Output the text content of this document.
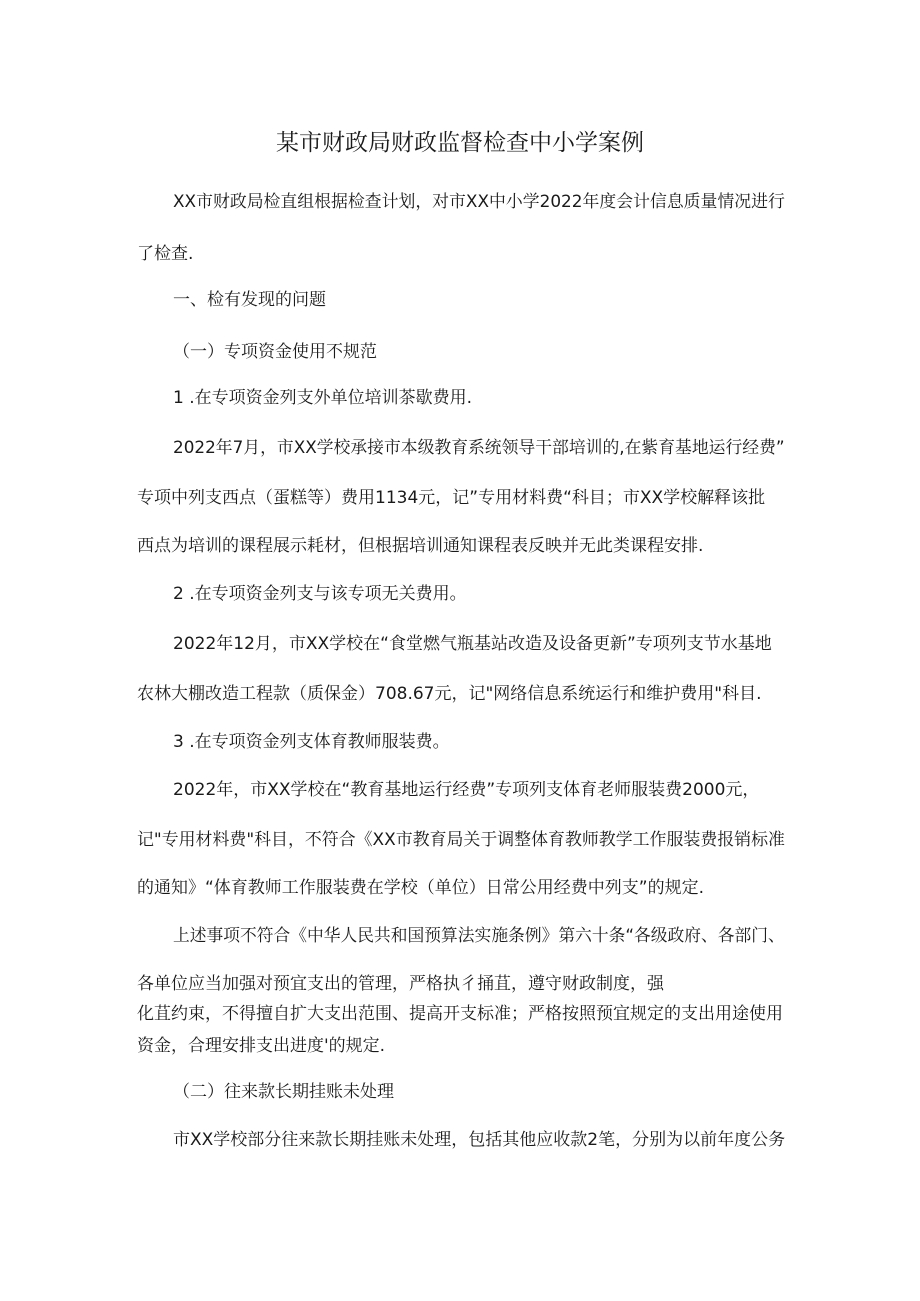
某市财政局财政监督检查中小学案例
XX市财政局检直组根据检查计划，对市XX中小学2022年度会计信息质量情况进行
了检查.
一、检有发现的问题
（一）专项资金使用不规范
1 .在专项资金列支外单位培训茶歇费用.
2022年7月，市XX学校承接市本级教育系统领导干部培训的,在紫育基地运行经费”
专项中列支西点（蛋糕等）费用1134元，记”专用材料费“科目；市XX学校解释该批
西点为培训的课程展示耗材，但根据培训通知课程表反映并无此类课程安排.
2 .在专项资金列支与该专项无关费用。
2022年12月，市XX学校在“食堂燃气瓶基站改造及设备更新”专项列支节水基地
农林大棚改造工程款（质保金）708.67元，记"网络信息系统运行和维护费用"科目.
3 .在专项资金列支体育教师服装费。
2022年，市XX学校在“教育基地运行经费”专项列支体育老师服装费2000元，
记"专用材料费"科目，不符合《XX市教育局关于调整体育教师教学工作服装费报销标准
的通知》“体育教师工作服装费在学校（单位）日常公用经费中列支”的规定.
上述事项不符合《中华人民共和国预算法实施条例》第六十条“各级政府、各部门、
各单位应当加强对预宜支出的管理，严格执彳捅苴，遵守财政制度，强
化苴约束，不得擅自扩大支出范围、提高开支标准；严格按照预宜规定的支出用途使用
资金，合理安排支出进度'的规定.
（二）往来款长期挂账未处理
市XX学校部分往来款长期挂账未处理，包括其他应收款2笔，分别为以前年度公务
